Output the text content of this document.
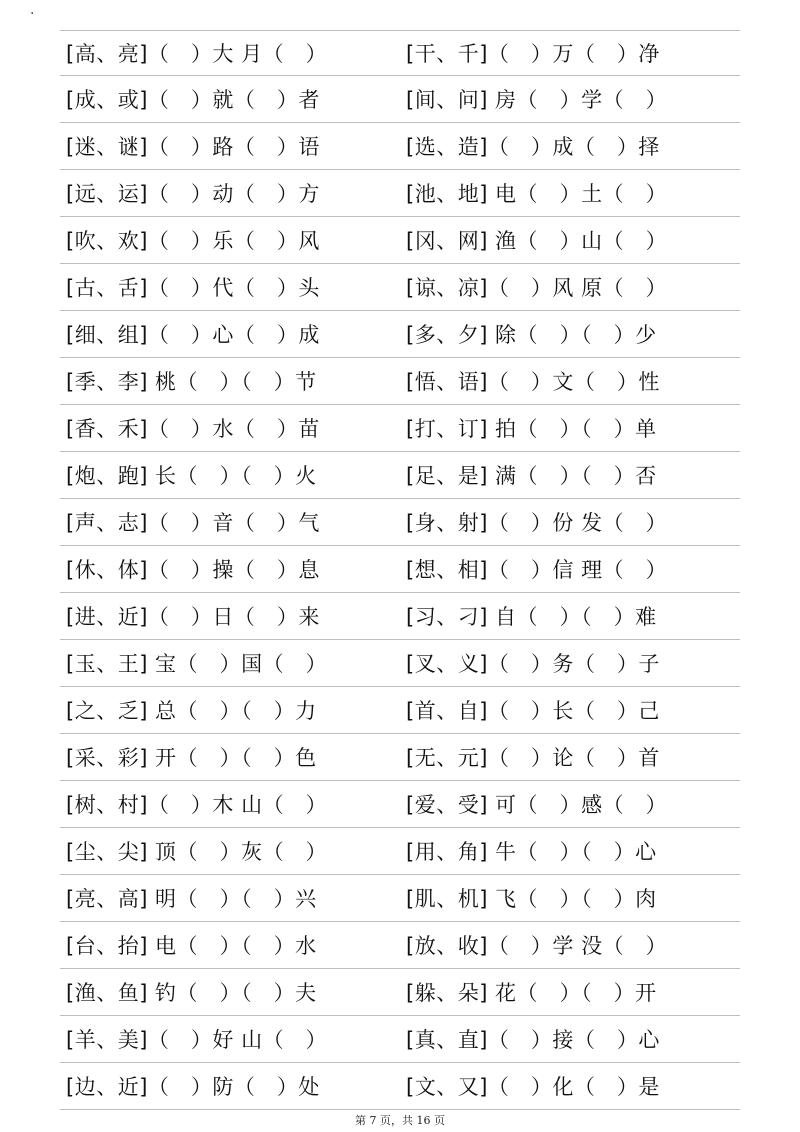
·
[高、亮]（   ）大 月（   ）	[干、千]（   ）万（   ）净
[成、或]（   ）就（   ）者	[间、问] 房（   ）学（   ）
[迷、谜]（   ）路（   ）语	[选、造]（   ）成（   ）择
[远、运]（   ）动（   ）方	[池、地] 电（   ）土（   ）
[吹、欢]（   ）乐（   ）风	[冈、网] 渔（   ）山（   ）
[古、舌]（   ）代（   ）头	[谅、凉]（   ）风 原（   ）
[细、组]（   ）心（   ）成	[多、夕] 除（   ）（   ）少
[季、李] 桃（   ）（   ）节	[悟、语]（   ）文（   ）性
[香、禾]（   ）水（   ）苗	[打、订] 拍（   ）（   ）单
[炮、跑] 长（   ）（   ）火	[足、是] 满（   ）（   ）否
[声、志]（   ）音（   ）气	[身、射]（   ）份 发（   ）
[休、体]（   ）操（   ）息	[想、相]（   ）信 理（   ）
[进、近]（   ）日（   ）来	[习、刁] 自（   ）（   ）难
[玉、王] 宝（   ）国（   ）	[叉、义]（   ）务（   ）子
[之、乏] 总（   ）（   ）力	[首、自]（   ）长（   ）己
[采、彩] 开（   ）（   ）色	[无、元]（   ）论（   ）首
[树、村]（   ）木 山（   ）	[爱、受] 可（   ）感（   ）
[尘、尖] 顶（   ）灰（   ）	[用、角] 牛（   ）（   ）心
[亮、高] 明（   ）（   ）兴	[肌、机] 飞（   ）（   ）肉
[台、抬] 电（   ）（   ）水	[放、收]（   ）学 没（   ）
[渔、鱼] 钓（   ）（   ）夫	[躲、朵] 花（   ）（   ）开
[羊、美]（   ）好 山（   ）	[真、直]（   ）接（   ）心
[边、近]（   ）防（   ）处	[文、又]（   ）化（   ）是
第 7 页，共 16 页
